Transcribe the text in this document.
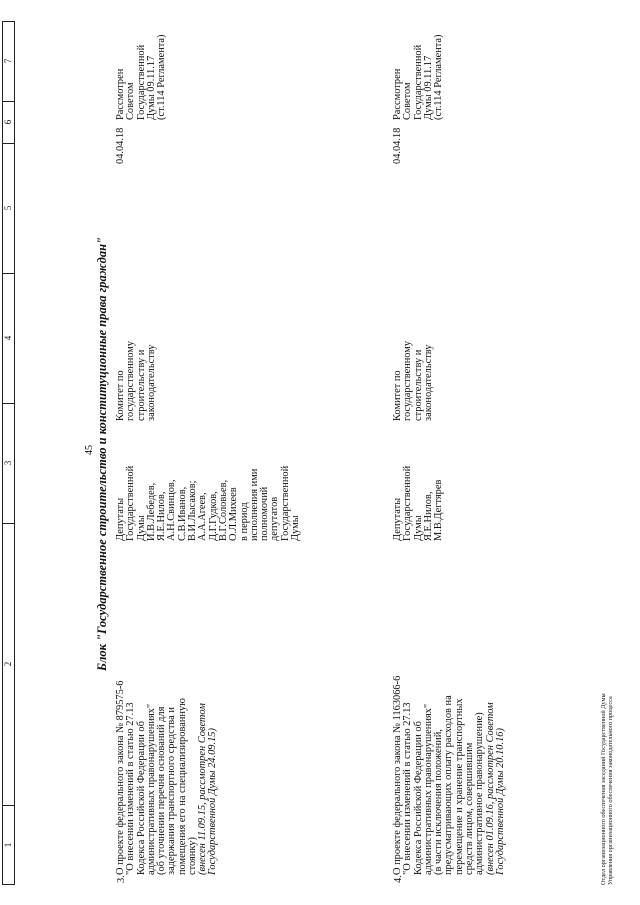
45
1
2
3
4
5
6
7
Блок "Государственное строительство и конституционные права граждан"
3.
О проекте федерального закона № 879575-6
"О внесении изменений в статью 27.13
Кодекса Российской Федерации об
административных правонарушениях"
(об уточнении перечня оснований для
задержания транспортного средства и
помещения его на специализированную
стоянку)
(внесен 11.09.15, рассмотрен Советом
Государственной Думы 24.09.15)
Депутаты
Государственной
Думы
И.В.Лебедев,
Я.Е.Нилов,
А.Н.Свинцов,
С.В.Иванов,
В.И.Лысаков;
А.А.Агеев,
Д.Г.Гудков,
В.Г.Соловьев,
О.Л.Михеев
в период
исполнения ими
полномочий
депутатов
Государственной
Думы
Комитет по
государственному
строительству и
законодательству
04.04.18
Рассмотрен
Советом
Государственной
Думы 09.11.17
(ст.114 Регламента)
4.
О проекте федерального закона № 1163066-6
"О внесении изменений в статью 27.13
Кодекса Российской Федерации об
административных правонарушениях"
(в части исключения положений,
предусматривающих оплату расходов на
перемещение и хранение транспортных
средств лицом, совершившим
административное правонарушение)
(внесен 01.09.16, рассмотрен Советом
Государственной Думы 20.10.16)
Депутаты
Государственной
Думы
Я.Е.Нилов,
М.В.Дегтярев
Комитет по
государственному
строительству и
законодательству
04.04.18
Рассмотрен
Советом
Государственной
Думы 09.11.17
(ст.114 Регламента)
Отдел организационного обеспечения заседаний Государственной Думы Управления организационного обеспечения законодательного процесса
